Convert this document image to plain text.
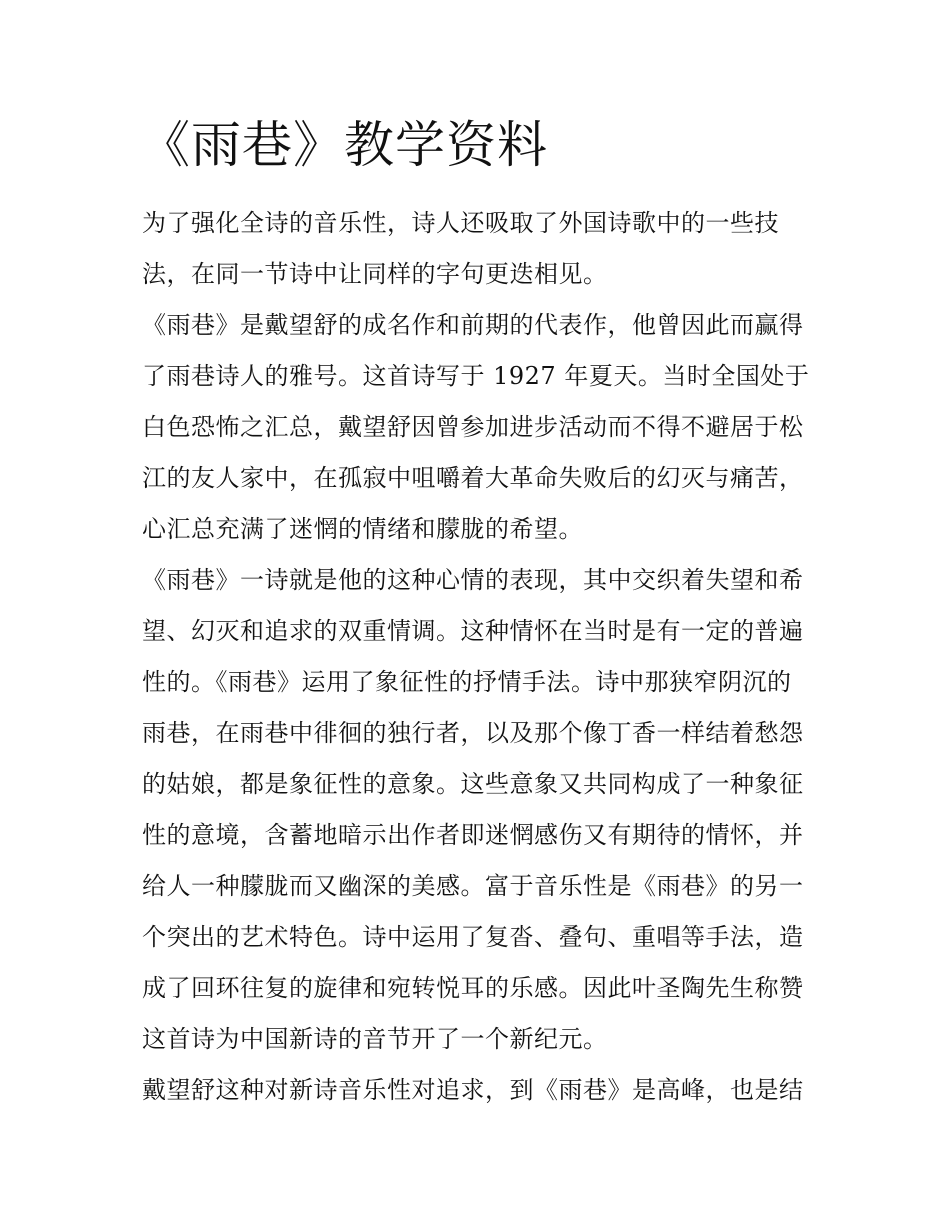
《雨巷》教学资料

为了强化全诗的音乐性，诗人还吸取了外国诗歌中的一些技
法，在同一节诗中让同样的字句更迭相见。

《雨巷》是戴望舒的成名作和前期的代表作，他曾因此而赢得
了雨巷诗人的雅号。这首诗写于 1927 年夏天。当时全国处于
白色恐怖之汇总，戴望舒因曾参加进步活动而不得不避居于松
江的友人家中，在孤寂中咀嚼着大革命失败后的幻灭与痛苦，
心汇总充满了迷惘的情绪和朦胧的希望。

《雨巷》一诗就是他的这种心情的表现，其中交织着失望和希
望、幻灭和追求的双重情调。这种情怀在当时是有一定的普遍
性的。《雨巷》运用了象征性的抒情手法。诗中那狭窄阴沉的
雨巷，在雨巷中徘徊的独行者，以及那个像丁香一样结着愁怨
的姑娘，都是象征性的意象。这些意象又共同构成了一种象征
性的意境，含蓄地暗示出作者即迷惘感伤又有期待的情怀，并
给人一种朦胧而又幽深的美感。富于音乐性是《雨巷》的另一
个突出的艺术特色。诗中运用了复沓、叠句、重唱等手法，造
成了回环往复的旋律和宛转悦耳的乐感。因此叶圣陶先生称赞
这首诗为中国新诗的音节开了一个新纪元。

戴望舒这种对新诗音乐性对追求，到《雨巷》是高峰，也是结
